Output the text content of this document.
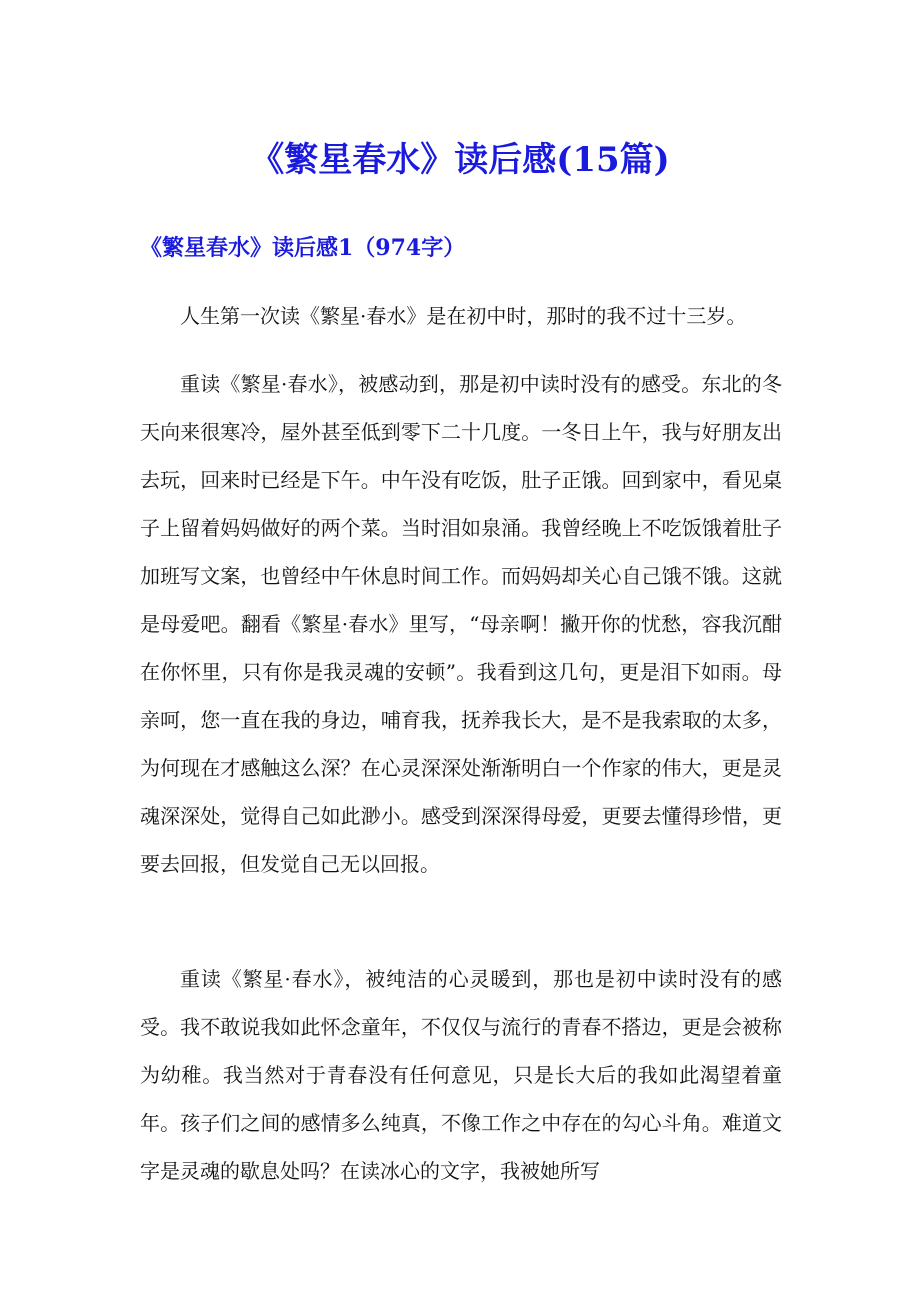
《繁星春水》读后感(15篇)
《繁星春水》读后感1（974字）

人生第一次读《繁星·春水》是在初中时，那时的我不过十三岁。

重读《繁星·春水》，被感动到，那是初中读时没有的感受。东北的冬天向来很寒冷，屋外甚至低到零下二十几度。一冬日上午，我与好朋友出去玩，回来时已经是下午。中午没有吃饭，肚子正饿。回到家中，看见桌子上留着妈妈做好的两个菜。当时泪如泉涌。我曾经晚上不吃饭饿着肚子加班写文案，也曾经中午休息时间工作。而妈妈却关心自己饿不饿。这就是母爱吧。翻看《繁星·春水》里写，“母亲啊！撇开你的忧愁，容我沉酣在你怀里，只有你是我灵魂的安顿”。我看到这几句，更是泪下如雨。母亲呵，您一直在我的身边，哺育我，抚养我长大，是不是我索取的太多，为何现在才感触这么深？在心灵深深处渐渐明白一个作家的伟大，更是灵魂深深处，觉得自己如此渺小。感受到深深得母爱，更要去懂得珍惜，更要去回报，但发觉自己无以回报。

重读《繁星·春水》，被纯洁的心灵暖到，那也是初中读时没有的感受。我不敢说我如此怀念童年，不仅仅与流行的青春不搭边，更是会被称为幼稚。我当然对于青春没有任何意见，只是长大后的我如此渴望着童年。孩子们之间的感情多么纯真，不像工作之中存在的勾心斗角。难道文字是灵魂的歇息处吗？在读冰心的文字，我被她所写
